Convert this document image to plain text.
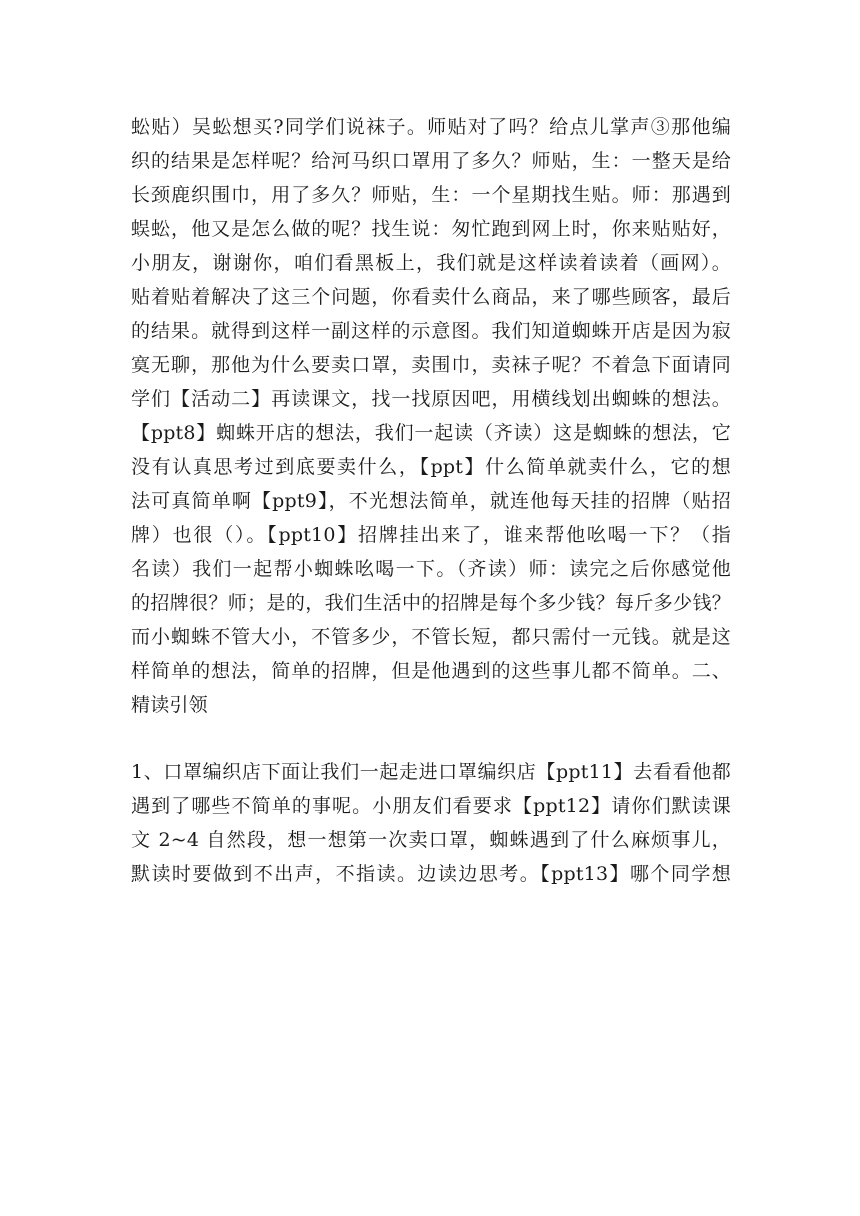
蚣贴）吴蚣想买?同学们说袜子。师贴对了吗？给点儿掌声③那他编
织的结果是怎样呢？给河马织口罩用了多久？师贴，生：一整天是给
长颈鹿织围巾，用了多久？师贴，生：一个星期找生贴。师：那遇到
蜈蚣，他又是怎么做的呢？找生说：匆忙跑到网上时，你来贴贴好，
小朋友，谢谢你，咱们看黑板上，我们就是这样读着读着（画网）。
贴着贴着解决了这三个问题，你看卖什么商品，来了哪些顾客，最后
的结果。就得到这样一副这样的示意图。我们知道蜘蛛开店是因为寂
寞无聊，那他为什么要卖口罩，卖围巾，卖袜子呢？不着急下面请同
学们【活动二】再读课文，找一找原因吧，用横线划出蜘蛛的想法。
【ppt8】蜘蛛开店的想法，我们一起读（齐读）这是蜘蛛的想法，它
没有认真思考过到底要卖什么，【ppt】什么简单就卖什么，它的想
法可真简单啊【ppt9】，不光想法简单，就连他每天挂的招牌（贴招
牌）也很（）。【ppt10】招牌挂出来了，谁来帮他吆喝一下？（指
名读）我们一起帮小蜘蛛吆喝一下。（齐读）师：读完之后你感觉他
的招牌很？师；是的，我们生活中的招牌是每个多少钱？每斤多少钱？
而小蜘蛛不管大小，不管多少，不管长短，都只需付一元钱。就是这
样简单的想法，简单的招牌，但是他遇到的这些事儿都不简单。二、
精读引领
1、口罩编织店下面让我们一起走进口罩编织店【ppt11】去看看他都
遇到了哪些不简单的事呢。小朋友们看要求【ppt12】请你们默读课
文 2~4 自然段，想一想第一次卖口罩，蜘蛛遇到了什么麻烦事儿，
默读时要做到不出声，不指读。边读边思考。【ppt13】哪个同学想
